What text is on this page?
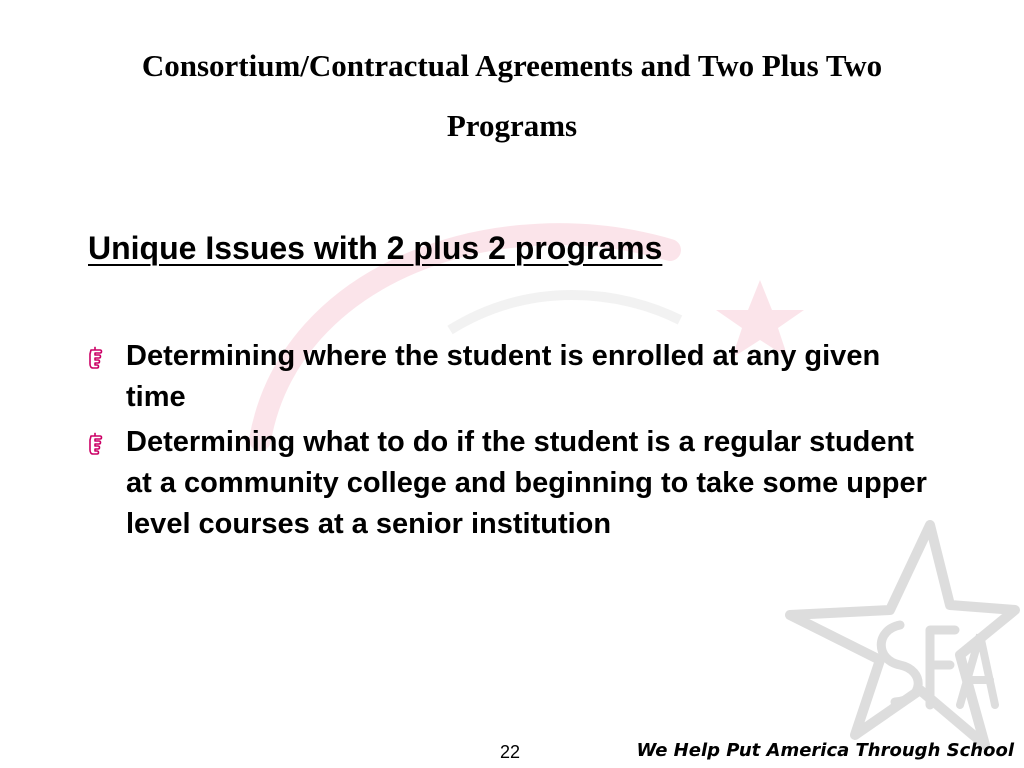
Consortium/Contractual Agreements and Two Plus Two
Programs
Unique Issues with 2 plus 2 programs
Determining where the student is enrolled at any given time
Determining what to do if the student is a regular student at a community college and beginning to take some upper level courses at a senior institution
22	We Help Put America Through School
